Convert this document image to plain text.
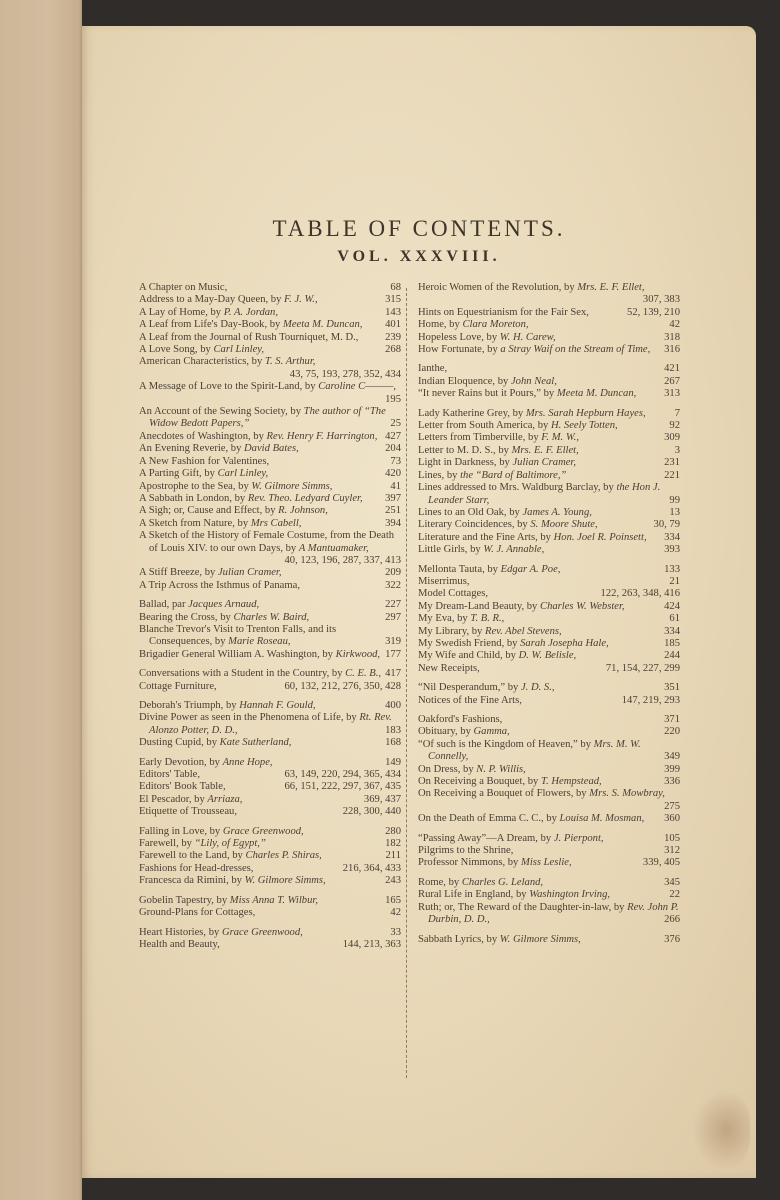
TABLE OF CONTENTS.
VOL. XXXVIII.
A Chapter on Music,	68
Address to a May-Day Queen, by F. J. W.,	315
A Lay of Home, by P. A. Jordan,	143
A Leaf from Life's Day-Book, by Meeta M. Duncan,	401
A Leaf from the Journal of Rush Tourniquet, M. D.,	239
A Love Song, by Carl Linley,	268
American Characteristics, by T. S. Arthur,
43, 75, 193, 278, 352, 434
A Message of Love to the Spirit-Land, by Caroline C———,
195
An Account of the Sewing Society, by The author of “The Widow Bedott Papers,”	25
Anecdotes of Washington, by Rev. Henry F. Harrington, 427
An Evening Reverie, by David Bates,	204
A New Fashion for Valentines,	73
A Parting Gift, by Carl Linley,	420
Apostrophe to the Sea, by W. Gilmore Simms,	41
A Sabbath in London, by Rev. Theo. Ledyard Cuyler,	397
A Sigh; or, Cause and Effect, by R. Johnson,	251
A Sketch from Nature, by Mrs Cabell,	394
A Sketch of the History of Female Costume, from the Death of Louis XIV. to our own Days, by A Mantuamaker,
40, 123, 196, 287, 337, 413
A Stiff Breeze, by Julian Cramer,	209
A Trip Across the Isthmus of Panama,	322
Ballad, par Jacques Arnaud,	227
Bearing the Cross, by Charles W. Baird,	297
Blanche Trevor's Visit to Trenton Falls, and its Consequences, by Marie Roseau,	319
Brigadier General William A. Washington, by Kirkwood, 177
Conversations with a Student in the Country, by C. E. B., 417
Cottage Furniture,	60, 132, 212, 276, 350, 428
Deborah's Triumph, by Hannah F. Gould,	400
Divine Power as seen in the Phenomena of Life, by Rt. Rev. Alonzo Potter, D. D.,	183
Dusting Cupid, by Kate Sutherland,	168
Early Devotion, by Anne Hope,	149
Editors' Table,	63, 149, 220, 294, 365, 434
Editors' Book Table,	66, 151, 222, 297, 367, 435
El Pescador, by Arriaza,	369, 437
Etiquette of Trousseau,	228, 300, 440
Falling in Love, by Grace Greenwood,	280
Farewell, by “Lily, of Egypt,”	182
Farewell to the Land, by Charles P. Shiras,	211
Fashions for Head-dresses,	216, 364, 433
Francesca da Rimini, by W. Gilmore Simms,	243
Gobelin Tapestry, by Miss Anna T. Wilbur,	165
Ground-Plans for Cottages,	42
Heart Histories, by Grace Greenwood,	33
Health and Beauty,	144, 213, 363
Heroic Women of the Revolution, by Mrs. E. F. Ellet,
307, 383
Hints on Equestrianism for the Fair Sex,	52, 139, 210
Home, by Clara Moreton,	42
Hopeless Love, by W. H. Carew,	318
How Fortunate, by a Stray Waif on the Stream of Time,	316
Ianthe,	421
Indian Eloquence, by John Neal,	267
“It never Rains but it Pours,” by Meeta M. Duncan,	313
Lady Katherine Grey, by Mrs. Sarah Hepburn Hayes,	7
Letter from South America, by H. Seely Totten,	92
Letters from Timberville, by F. M. W.,	309
Letter to M. D. S., by Mrs. E. F. Ellet,	3
Light in Darkness, by Julian Cramer,	231
Lines, by the “Bard of Baltimore,”	221
Lines addressed to Mrs. Waldburg Barclay, by the Hon J. Leander Starr,	99
Lines to an Old Oak, by James A. Young,	13
Literary Coincidences, by S. Moore Shute,	30, 79
Literature and the Fine Arts, by Hon. Joel R. Poinsett,	334
Little Girls, by W. J. Annable,	393
Mellonta Tauta, by Edgar A. Poe,	133
Miserrimus,	21
Model Cottages,	122, 263, 348, 416
My Dream-Land Beauty, by Charles W. Webster,	424
My Eva, by T. B. R.,	61
My Library, by Rev. Abel Stevens,	334
My Swedish Friend, by Sarah Josepha Hale,	185
My Wife and Child, by D. W. Belisle,	244
New Receipts,	71, 154, 227, 299
“Nil Desperandum,” by J. D. S.,	351
Notices of the Fine Arts,	147, 219, 293
Oakford's Fashions,	371
Obituary, by Gamma,	220
“Of such is the Kingdom of Heaven,” by Mrs. M. W. Connelly,	349
On Dress, by N. P. Willis,	399
On Receiving a Bouquet, by T. Hempstead,	336
On Receiving a Bouquet of Flowers, by Mrs. S. Mowbray,
275
On the Death of Emma C. C., by Louisa M. Mosman,	360
“Passing Away”—A Dream, by J. Pierpont,	105
Pilgrims to the Shrine,	312
Professor Nimmons, by Miss Leslie,	339, 405
Rome, by Charles G. Leland,	345
Rural Life in England, by Washington Irving,	22
Ruth; or, The Reward of the Daughter-in-law, by Rev. John P. Durbin, D. D.,	266
Sabbath Lyrics, by W. Gilmore Simms,	376
